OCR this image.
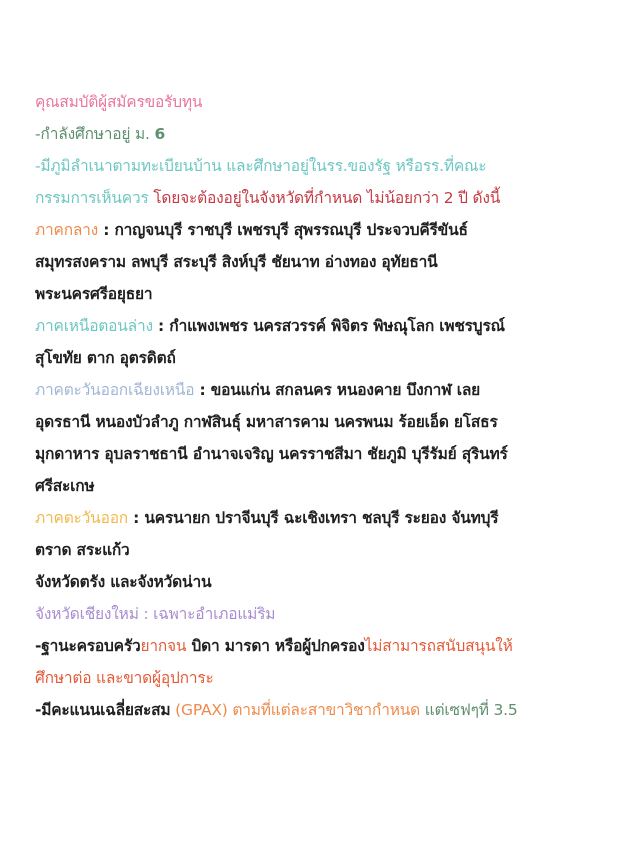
คุณสมบัติผู้สมัครขอรับทุน
-กำลังศึกษาอยู่ ม. 6
-มีภูมิลำเนาตามทะเบียนบ้าน และศึกษาอยู่ในรร.ของรัฐ หรือรร.ที่คณะ
กรรมการเห็นควร โดยจะต้องอยู่ในจังหวัดที่กำหนด ไม่น้อยกว่า 2 ปี ดังนี้
ภาคกลาง : กาญจนบุรี ราชบุรี เพชรบุรี สุพรรณบุรี ประจวบคีรีขันธ์
สมุทรสงคราม ลพบุรี สระบุรี สิงห์บุรี ชัยนาท อ่างทอง อุทัยธานี
พระนครศรีอยุธยา
ภาคเหนือตอนล่าง : กำแพงเพชร นครสวรรค์ พิจิตร พิษณุโลก เพชรบูรณ์
สุโขทัย ตาก อุตรดิตถ์
ภาคตะวันออกเฉียงเหนือ : ขอนแก่น สกลนคร หนองคาย บึงกาฬ เลย
อุดรธานี หนองบัวลำภู กาฬสินธุ์ มหาสารคาม นครพนม ร้อยเอ็ด ยโสธร
มุกดาหาร อุบลราชธานี อำนาจเจริญ นครราชสีมา ชัยภูมิ บุรีรัมย์ สุรินทร์
ศรีสะเกษ
ภาคตะวันออก : นครนายก ปราจีนบุรี ฉะเชิงเทรา ชลบุรี ระยอง จันทบุรี
ตราด สระแก้ว
จังหวัดตรัง และจังหวัดน่าน
จังหวัดเชียงใหม่ : เฉพาะอำเภอแม่ริม
-ฐานะครอบครัวยากจน บิดา มารดา หรือผู้ปกครองไม่สามารถสนับสนุนให้
ศึกษาต่อ และขาดผู้อุปการะ
-มีคะแนนเฉลี่ยสะสม (GPAX) ตามที่แต่ละสาขาวิชากำหนด แต่เซฟๆที่ 3.5
